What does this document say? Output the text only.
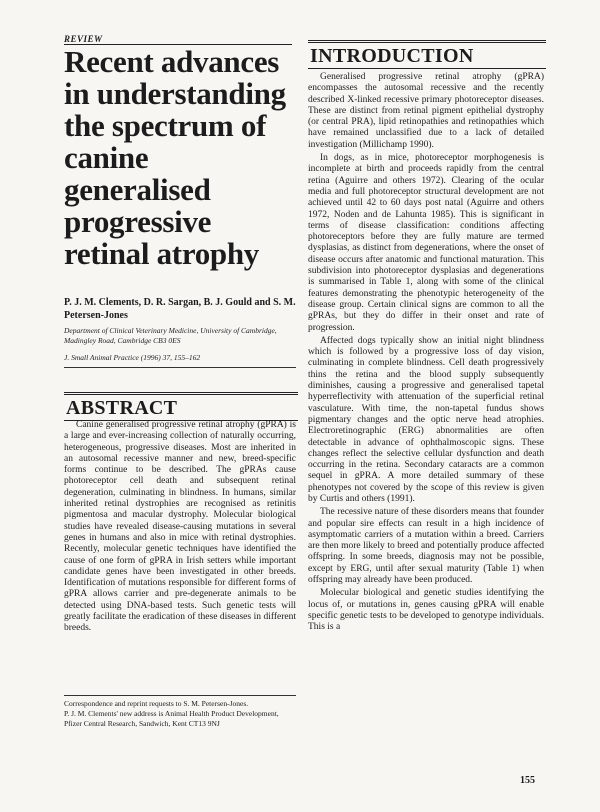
REVIEW
Recent advances in understanding the spectrum of canine generalised progressive retinal atrophy
P. J. M. Clements, D. R. Sargan, B. J. Gould and S. M. Petersen-Jones
Department of Clinical Veterinary Medicine, University of Cambridge, Madingley Road, Cambridge CB3 0ES
J. Small Animal Practice (1996) 37, 155–162
ABSTRACT

Canine generalised progressive retinal atrophy (gPRA) is a large and ever-increasing collection of naturally occurring, heterogeneous, progressive diseases. Most are inherited in an autosomal recessive manner and new, breed-specific forms continue to be described. The gPRAs cause photoreceptor cell death and subsequent retinal degeneration, culminating in blindness. In humans, similar inherited retinal dystrophies are recognised as retinitis pigmentosa and macular dystrophy. Molecular biological studies have revealed disease-causing mutations in several genes in humans and also in mice with retinal dystrophies. Recently, molecular genetic techniques have identified the cause of one form of gPRA in Irish setters while important candidate genes have been investigated in other breeds. Identification of mutations responsible for different forms of gPRA allows carrier and pre-degenerate animals to be detected using DNA-based tests. Such genetic tests will greatly facilitate the eradication of these diseases in different breeds.

Correspondence and reprint requests to S. M. Petersen-Jones.
P. J. M. Clements' new address is Animal Health Product Development, Pfizer Central Research, Sandwich, Kent CT13 9NJ
INTRODUCTION

Generalised progressive retinal atrophy (gPRA) encompasses the autosomal recessive and the recently described X-linked recessive primary photoreceptor diseases. These are distinct from retinal pigment epithelial dystrophy (or central PRA), lipid retinopathies and retinopathies which have remained unclassified due to a lack of detailed investigation (Millichamp 1990).

In dogs, as in mice, photoreceptor morphogenesis is incomplete at birth and proceeds rapidly from the central retina (Aguirre and others 1972). Clearing of the ocular media and full photoreceptor structural development are not achieved until 42 to 60 days post natal (Aguirre and others 1972, Noden and de Lahunta 1985). This is significant in terms of disease classification: conditions affecting photoreceptors before they are fully mature are termed dysplasias, as distinct from degenerations, where the onset of disease occurs after anatomic and functional maturation. This subdivision into photoreceptor dysplasias and degenerations is summarised in Table 1, along with some of the clinical features demonstrating the phenotypic heterogeneity of the disease group. Certain clinical signs are common to all the gPRAs, but they do differ in their onset and rate of progression.

Affected dogs typically show an initial night blindness which is followed by a progressive loss of day vision, culminating in complete blindness. Cell death progressively thins the retina and the blood supply subsequently diminishes, causing a progressive and generalised tapetal hyperreflectivity with attenuation of the superficial retinal vasculature. With time, the non-tapetal fundus shows pigmentary changes and the optic nerve head atrophies. Electroretinographic (ERG) abnormalities are often detectable in advance of ophthalmoscopic signs. These changes reflect the selective cellular dysfunction and death occurring in the retina. Secondary cataracts are a common sequel in gPRA. A more detailed summary of these phenotypes not covered by the scope of this review is given by Curtis and others (1991).

The recessive nature of these disorders means that founder and popular sire effects can result in a high incidence of asymptomatic carriers of a mutation within a breed. Carriers are then more likely to breed and potentially produce affected offspring. In some breeds, diagnosis may not be possible, except by ERG, until after sexual maturity (Table 1) when offspring may already have been produced.

Molecular biological and genetic studies identifying the locus of, or mutations in, genes causing gPRA will enable specific genetic tests to be developed to genotype individuals. This is a

155
